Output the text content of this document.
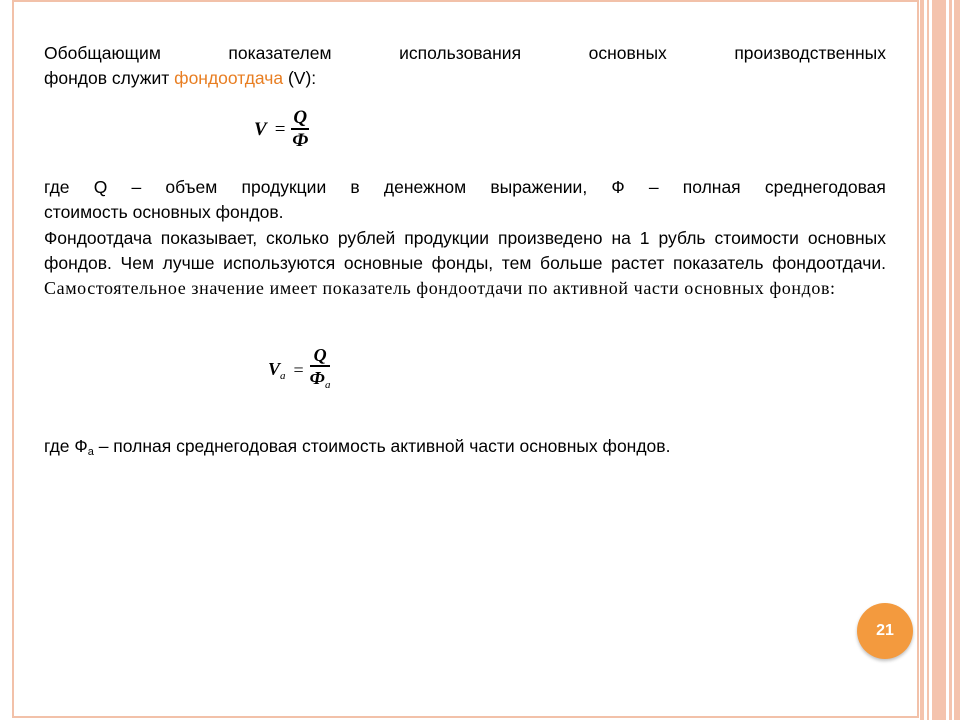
Обобщающим	показателем	использования	основных	производственных
фондов служит фондоотдача (V):
$V = \frac{Q}{Ф}$
где Q – объем продукции в денежном выражении, Ф – полная среднегодовая
стоимость основных фондов.
Фондоотдача показывает, сколько рублей продукции произведено на 1 рубль стоимости основных фондов. Чем лучше используются основные фонды, тем больше растет показатель фондоотдачи. Самостоятельное значение имеет показатель фондоотдачи по активной части основных фондов:
$V_а = \frac{Q}{Ф_а}$
где $Ф_а$ – полная среднегодовая стоимость активной части основных фондов.
21
